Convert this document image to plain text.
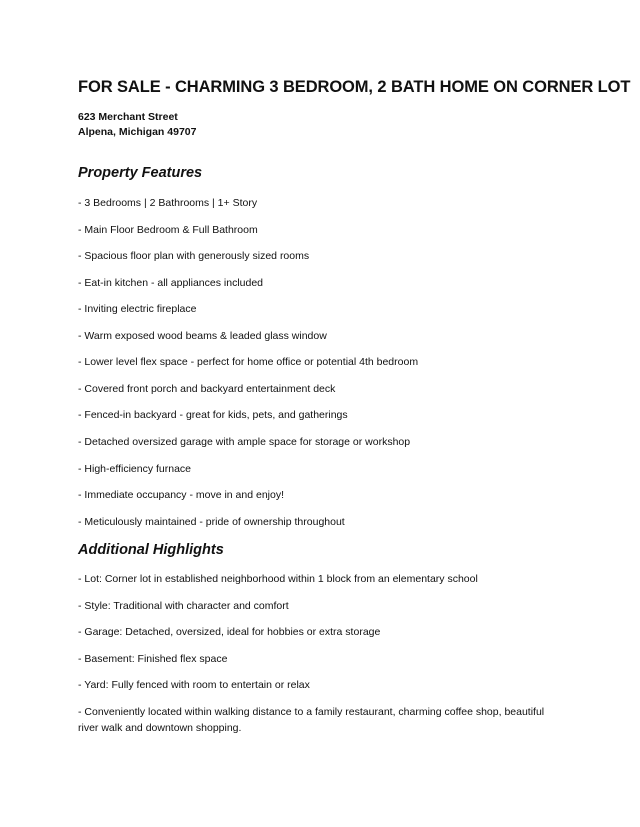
FOR SALE - CHARMING 3 BEDROOM, 2 BATH HOME ON CORNER LOT
623 Merchant Street
Alpena, Michigan 49707
Property Features
- 3 Bedrooms | 2 Bathrooms | 1+ Story
- Main Floor Bedroom & Full Bathroom
- Spacious floor plan with generously sized rooms
- Eat-in kitchen - all appliances included
- Inviting electric fireplace
- Warm exposed wood beams & leaded glass window
- Lower level flex space - perfect for home office or potential 4th bedroom
- Covered front porch and backyard entertainment deck
- Fenced-in backyard - great for kids, pets, and gatherings
- Detached oversized garage with ample space for storage or workshop
- High-efficiency furnace
- Immediate occupancy - move in and enjoy!
- Meticulously maintained - pride of ownership throughout
Additional Highlights
- Lot: Corner lot in established neighborhood within 1 block from an elementary school
- Style: Traditional with character and comfort
- Garage: Detached, oversized, ideal for hobbies or extra storage
- Basement: Finished flex space
- Yard: Fully fenced with room to entertain or relax
- Conveniently located within walking distance to a family restaurant, charming coffee shop, beautiful river walk and downtown shopping.
